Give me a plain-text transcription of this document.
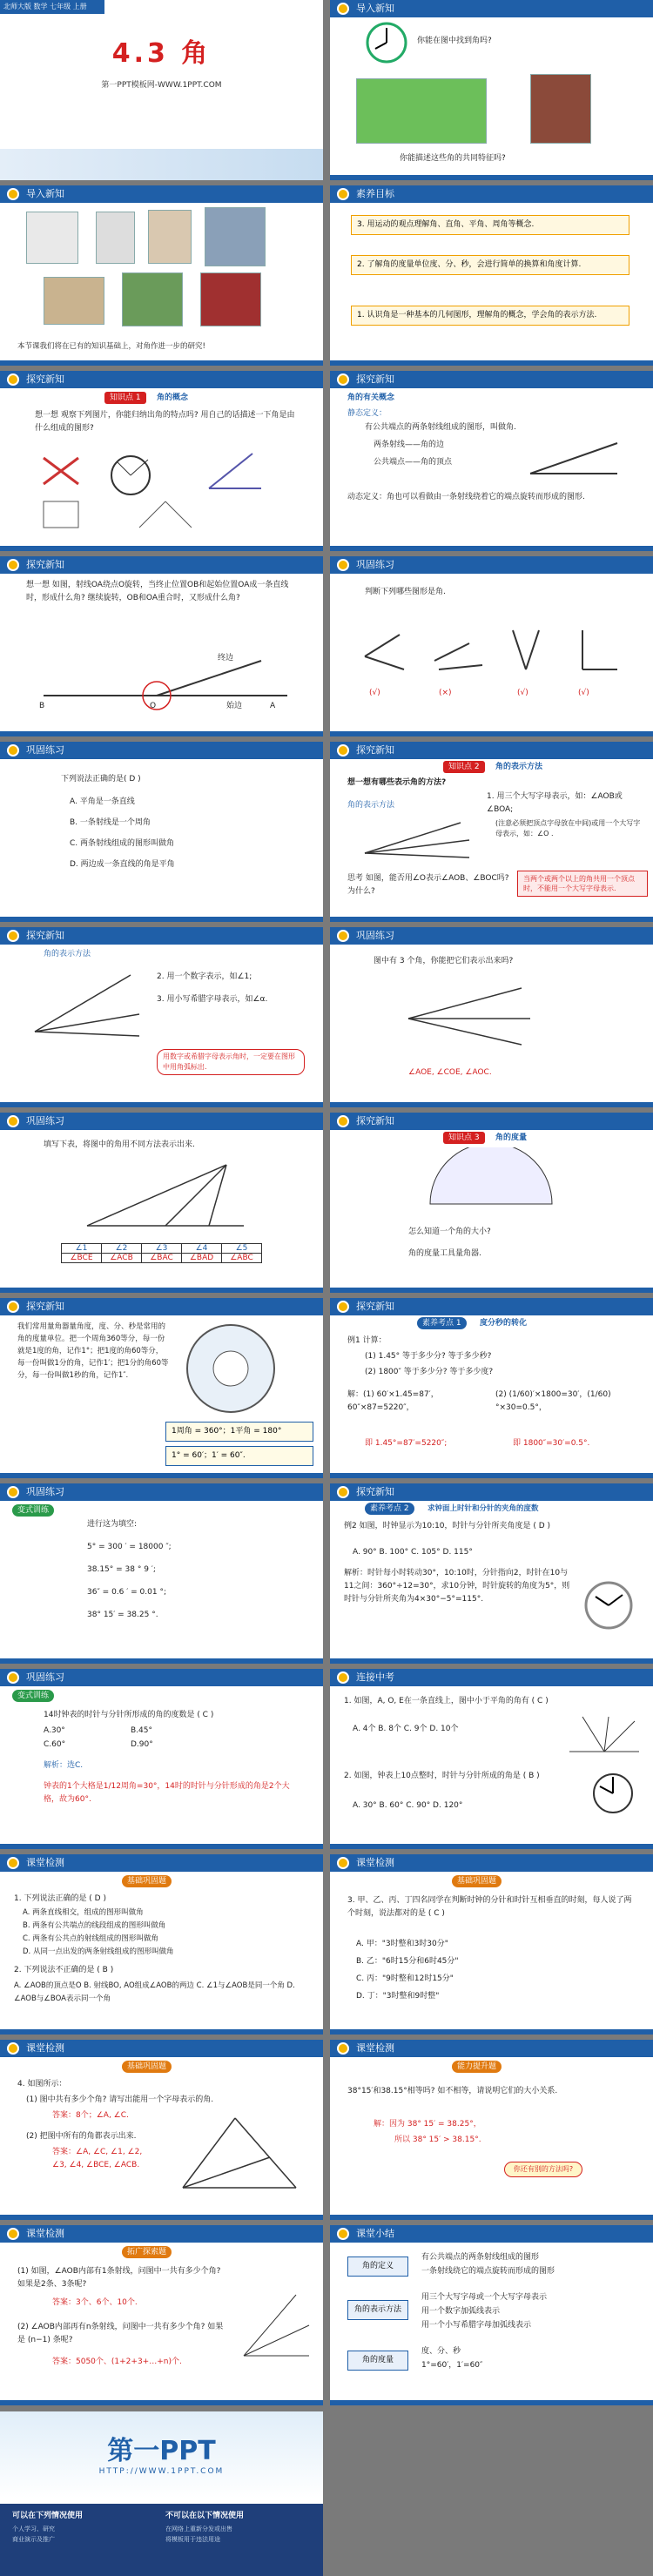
北师大版 数学 七年级 上册
4.3 角
第一PPT模板网-WWW.1PPT.COM
导入新知
你能在图中找到角吗?
你能描述这些角的共同特征吗?
导入新知
本节课我们将在已有的知识基础上，对角作进一步的研究!
素养目标
3. 用运动的观点理解角、直角、平角、周角等概念.
2. 了解角的度量单位度、分、秒，会进行简单的换算和角度计算.
1. 认识角是一种基本的几何图形，理解角的概念，学会角的表示方法.
探究新知
知识点 1	角的概念
想一想 观察下列图片，你能归纳出角的特点吗? 用自己的话描述一下角是由什么组成的图形?
探究新知
角的有关概念
静态定义：
有公共端点的两条射线组成的图形，叫做角.
两条射线——角的边
公共端点——角的顶点
动态定义：角也可以看做由一条射线绕着它的端点旋转而形成的图形.
探究新知
想一想 如图，射线OA绕点O旋转，当终止位置OB和起始位置OA成一条直线时，形成什么角? 继续旋转，OB和OA重合时，又形成什么角?
终边
始边
O	A
B
巩固练习
判断下列哪些图形是角.
(√)	(×)	(√)	(√)
巩固练习
下列说法正确的是( D )
A. 平角是一条直线
B. 一条射线是一个周角
C. 两条射线组成的图形叫做角
D. 两边成一条直线的角是平角
探究新知
知识点 2	角的表示方法
想一想有哪些表示角的方法?
角的表示方法
1. 用三个大写字母表示，如：∠AOB或∠BOA;
(注意必须把顶点字母放在中间)或用一个大写字母表示，如：∠O .
思考 如图，能否用∠O表示∠AOB、∠BOC吗? 为什么?
当两个或两个以上的角共用一个顶点时，不能用一个大写字母表示.
探究新知
角的表示方法
2. 用一个数字表示，如∠1;
3. 用小写希腊字母表示，如∠α.
用数字或希腊字母表示角时，一定要在图形中用角弧标出.
巩固练习
图中有 3 个角，你能把它们表示出来吗?
∠AOE, ∠COE, ∠AOC.
巩固练习
填写下表，将图中的角用不同方法表示出来.
∠1	∠2	∠3	∠4	∠5
∠BCE	∠ACB	∠BAC	∠BAD	∠ABC
探究新知
知识点 3	角的度量
怎么知道一个角的大小?
角的度量工具量角器.
探究新知
我们常用量角器量角度，度、分、秒是常用的角的度量单位。把一个周角360等分，每一份就是1度的角，记作1°；把1度的角60等分，每一份叫做1分的角，记作1′；把1分的角60等分，每一份叫做1秒的角，记作1″.
1周角 = 360°；1平角 = 180°
1° = 60′；1′ = 60″.
探究新知
素养考点 1	度分秒的转化
例1 计算：
(1) 1.45° 等于多少分? 等于多少秒?
(2) 1800″ 等于多少分? 等于多少度?
解：(1) 60′×1.45=87′，60″×87=5220″，
(2) (1/60)′×1800=30′，(1/60)°×30=0.5°，
即 1.45°=87′=5220″;	即 1800″=30′=0.5°.
巩固练习
变式训练
进行这为填空:
5° = 300 ′ = 18000 ″;
38.15° = 38 ° 9 ′;
36″ = 0.6 ′ = 0.01 °;
38° 15′ = 38.25 °.
探究新知
素养考点 2	求钟面上时针和分针的夹角的度数
例2 如图，时钟显示为10:10，时针与分针所夹角度是 ( D )
A. 90° B. 100° C. 105° D. 115°
解析：时针每小时转动30°，10:10时，分针指向2，时针在10与11之间：360°÷12=30°，求10分钟，时针旋转的角度为5°，则时针与分针所夹角为4×30°−5°=115°.
巩固练习
变式训练
14时钟表的时针与分针所形成的角的度数是 ( C )
A.30°	B.45°
C.60°	D.90°
解析：选C.
钟表的1个大格是1/12周角=30°，14时的时针与分针形成的角是2个大格，故为60°.
连接中考
1. 如图，A, O, E在一条直线上，图中小于平角的角有 ( C )
A. 4个 B. 8个 C. 9个 D. 10个
2. 如图，钟表上10点整时，时针与分针所成的角是 ( B )
A. 30° B. 60° C. 90° D. 120°
课堂检测
基础巩固题
1. 下列说法正确的是 ( D )
A. 两条直线相交，组成的图形叫做角
B. 两条有公共端点的线段组成的图形叫做角
C. 两条有公共点的射线组成的图形叫做角
D. 从同一点出发的两条射线组成的图形叫做角
2. 下列说法不正确的是 ( B )
A. ∠AOB的顶点是O B. 射线BO, AO组成∠AOB的两边 C. ∠1与∠AOB是同一个角 D. ∠AOB与∠BOA表示同一个角
课堂检测
基础巩固题
3. 甲、乙、丙、丁四名同学在判断时钟的分针和时针互相垂直的时刻，每人说了两个时刻，说法都对的是 ( C )
A. 甲："3时整和3时30分"
B. 乙："6时15分和6时45分"
C. 丙："9时整和12时15分"
D. 丁："3时整和9时整"
课堂检测
基础巩固题
4. 如图所示：
(1) 图中共有多少个角? 请写出能用一个字母表示的角.
答案：8个；∠A, ∠C.
(2) 把图中所有的角都表示出来.
答案：∠A, ∠C, ∠1, ∠2, ∠3, ∠4, ∠BCE, ∠ACB.
课堂检测
能力提升题
38°15′和38.15°相等吗? 如不相等，请说明它们的大小关系.
解：因为 38° 15′ = 38.25°，
所以 38° 15′ > 38.15°.
你还有别的方法吗?
课堂检测
拓广探索题
(1) 如图，∠AOB内部有1条射线，问图中一共有多少个角? 如果是2条、3条呢?
答案：3个、6个、10个.
(2) ∠AOB内部再有n条射线，问图中一共有多少个角? 如果是 (n−1) 条呢?
答案：5050个、(1+2+3+…+n)个.
课堂小结
角的定义
有公共端点的两条射线组成的图形
一条射线绕它的端点旋转而形成的图形
角的表示方法
用三个大写字母或一个大写字母表示
用一个数字加弧线表示
用一个小写希腊字母加弧线表示
角的度量
度、分、秒
1°=60′，1′=60″
第一PPT
HTTP://WWW.1PPT.COM
可以在下列情况使用	不可以在以下情况使用
个人学习、研究
商业演示及推广
在网络上重新分发或出售
将模板用于违法用途
